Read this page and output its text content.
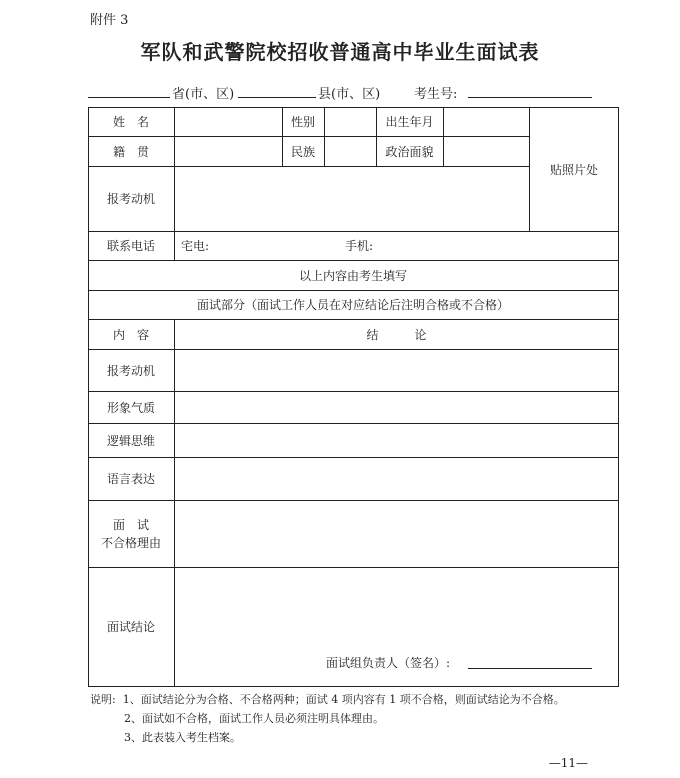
附件 3
军队和武警院校招收普通高中毕业生面试表
省(市、区)	县(市、区)	考生号:
姓　名	性别	出生年月
贴照片处
籍　贯	民族	政治面貌
报考动机
联系电话	宅电:	手机:
以上内容由考生填写
面试部分（面试工作人员在对应结论后注明合格或不合格）
内　容	结　　　论
报考动机
形象气质
逻辑思维
语言表达
面　试
不合格理由
面试结论
面试组负责人（签名）:
说明: 1、面试结论分为合格、不合格两种；面试 4 项内容有 1 项不合格，则面试结论为不合格。
2、面试如不合格，面试工作人员必须注明具体理由。
3、此表装入考生档案。
—11—
